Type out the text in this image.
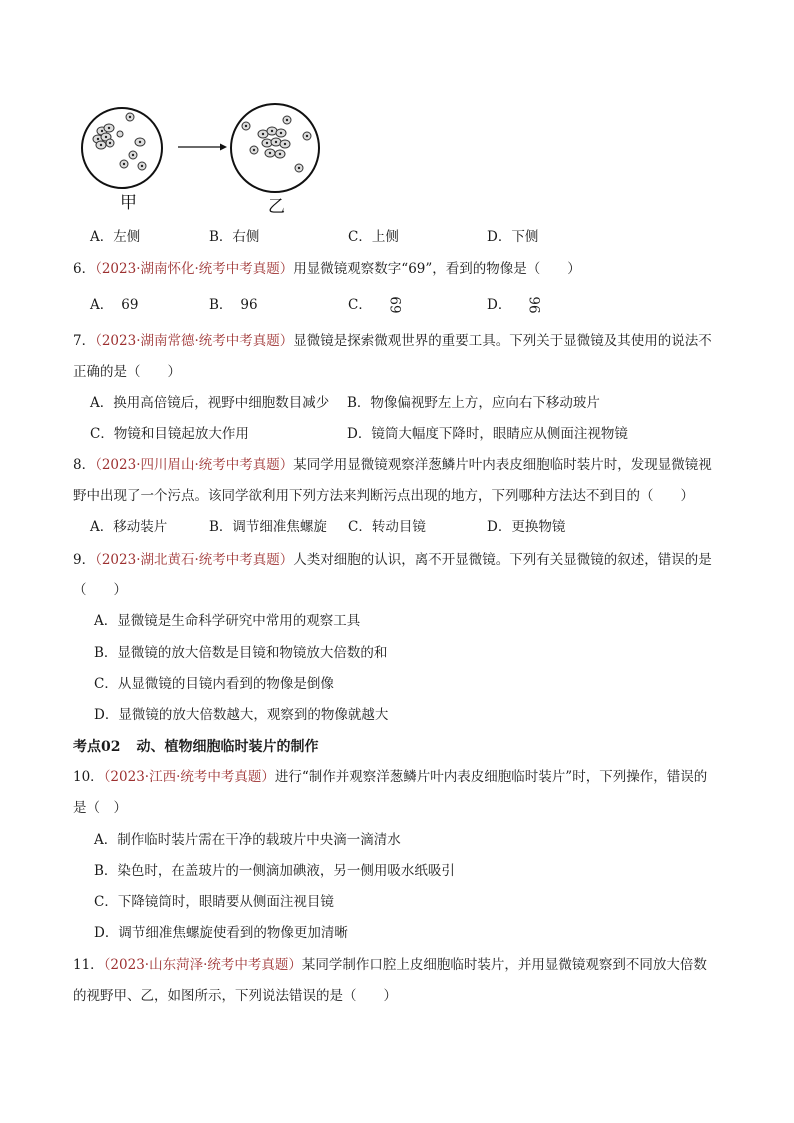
甲	乙
A．左侧	B．右侧	C．上侧	D．下侧
6．（2023·湖南怀化·统考中考真题）用显微镜观察数字“69”，看到的物像是（　　）
A． 69	B． 96	C． 69	D． 96
7．（2023·湖南常德·统考中考真题）显微镜是探索微观世界的重要工具。下列关于显微镜及其使用的说法不
正确的是（　　）
A．换用高倍镜后，视野中细胞数目减少 B．物像偏视野左上方，应向右下移动玻片
C．物镜和目镜起放大作用	D．镜筒大幅度下降时，眼睛应从侧面注视物镜
8．（2023·四川眉山·统考中考真题）某同学用显微镜观察洋葱鳞片叶内表皮细胞临时装片时，发现显微镜视
野中出现了一个污点。该同学欲利用下列方法来判断污点出现的地方，下列哪种方法达不到目的（　　）
A．移动装片	B．调节细准焦螺旋 C．转动目镜	D．更换物镜
9．（2023·湖北黄石·统考中考真题）人类对细胞的认识，离不开显微镜。下列有关显微镜的叙述，错误的是
（　　）
A．显微镜是生命科学研究中常用的观察工具
B．显微镜的放大倍数是目镜和物镜放大倍数的和
C．从显微镜的目镜内看到的物像是倒像
D．显微镜的放大倍数越大，观察到的物像就越大
考点02 动、植物细胞临时装片的制作
10．（2023·江西·统考中考真题）进行“制作并观察洋葱鳞片叶内表皮细胞临时装片”时，下列操作，错误的
是（　）
A．制作临时装片需在干净的载玻片中央滴一滴清水
B．染色时，在盖玻片的一侧滴加碘液，另一侧用吸水纸吸引
C．下降镜筒时，眼睛要从侧面注视目镜
D．调节细准焦螺旋使看到的物像更加清晰
11．（2023·山东菏泽·统考中考真题）某同学制作口腔上皮细胞临时装片，并用显微镜观察到不同放大倍数
的视野甲、乙，如图所示，下列说法错误的是（　　）
